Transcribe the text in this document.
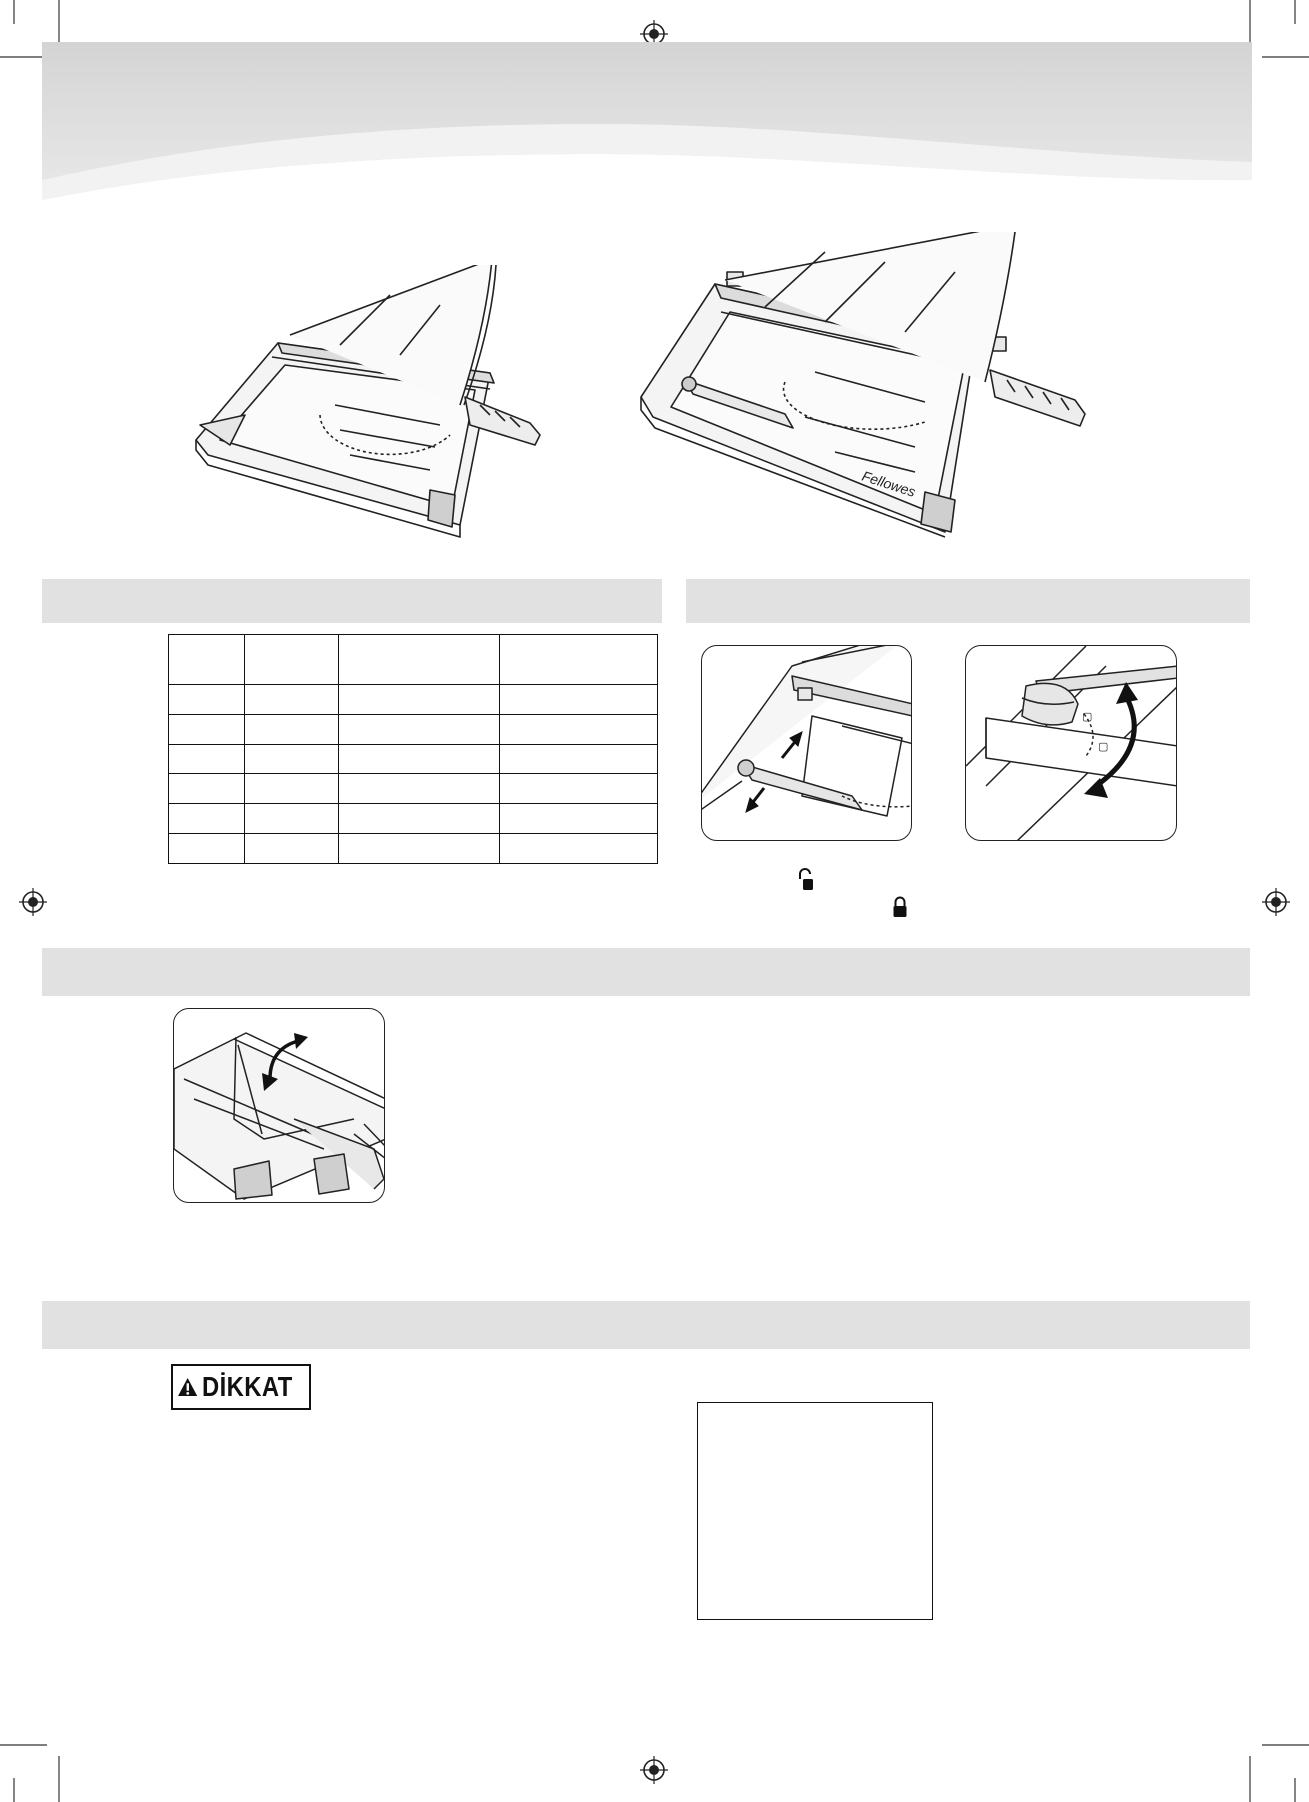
Fellowes

▢
▢
DİKKAT
